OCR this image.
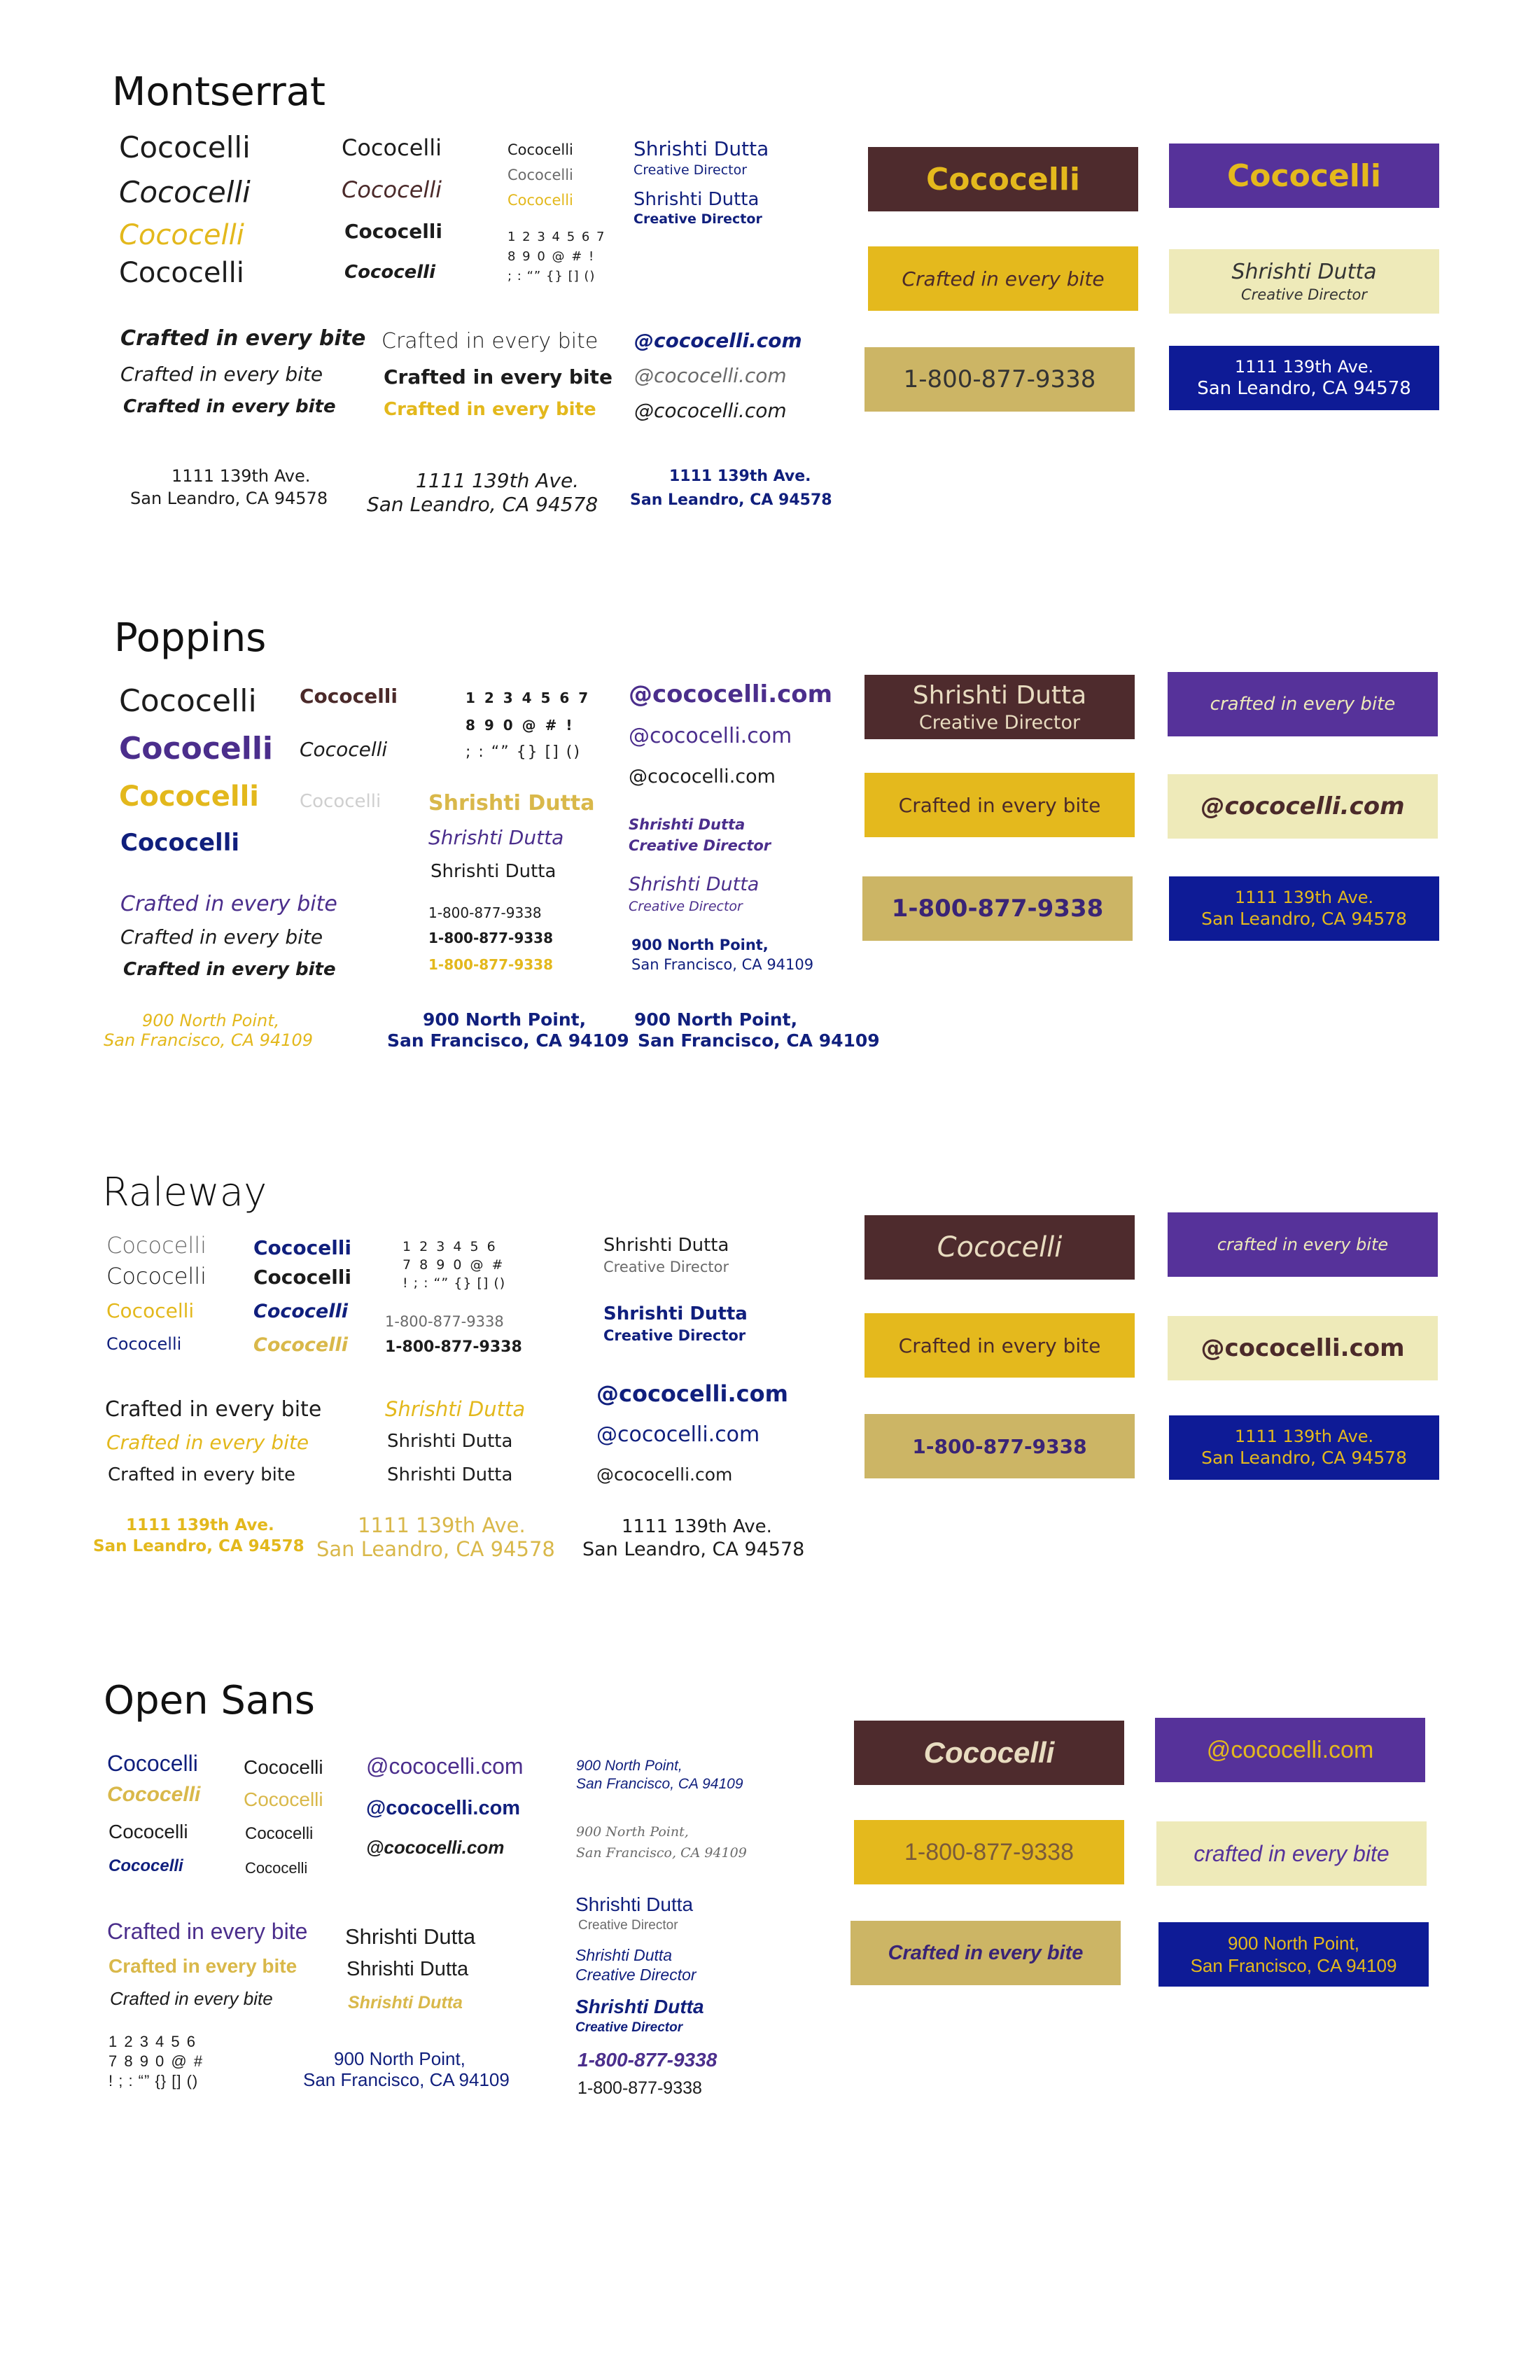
Montserrat
Cococelli
Cococelli
Cococelli
Cococelli
Cococelli
Cococelli
Cococelli
Cococelli
Cococelli
Cococelli
Cococelli
1 2 3 4 5 6 7
8 9 0 @ # !
; : “” {} [] ()
Shrishti Dutta
Creative Director
Shrishti Dutta
Creative Director
Crafted in every bite
Crafted in every bite
Crafted in every bite
Crafted in every bite
Crafted in every bite
Crafted in every bite
@cococelli.com
@cococelli.com
@cococelli.com
1111 139th Ave.
San Leandro, CA 94578
1111 139th Ave.
San Leandro, CA 94578
1111 139th Ave.
San Leandro, CA 94578
Cococelli	Cococelli
Crafted in every bite	Shrishti Dutta
Creative Director
1-800-877-9338	1111 139th Ave.
San Leandro, CA 94578
Poppins
Cococelli
Cococelli
Cococelli
Cococelli
Cococelli
Cococelli
Cococelli
1 2 3 4 5 6 7
8 9 0 @ # !
; : “” {} [] ()
Shrishti Dutta
Shrishti Dutta
Shrishti Dutta
Crafted in every bite
Crafted in every bite
Crafted in every bite
1-800-877-9338
1-800-877-9338
1-800-877-9338
@cococelli.com
@cococelli.com
@cococelli.com
Shrishti Dutta
Creative Director
Shrishti Dutta
Creative Director
900 North Point,
San Francisco, CA 94109
900 North Point,
San Francisco, CA 94109
900 North Point,
San Francisco, CA 94109
900 North Point,
San Francisco, CA 94109
Shrishti Dutta
Creative Director
crafted in every bite
Crafted in every bite	@cococelli.com
1-800-877-9338	1111 139th Ave.
San Leandro, CA 94578
Raleway
Cococelli
Cococelli
Cococelli
Cococelli
Cococelli
Cococelli
Cococelli
Cococelli
1 2 3 4 5 6
7 8 9 0 @ #
! ; : “” {} [] ()
1-800-877-9338
1-800-877-9338
Shrishti Dutta
Creative Director
Shrishti Dutta
Creative Director
Crafted in every bite
Crafted in every bite
Crafted in every bite
Shrishti Dutta
Shrishti Dutta
Shrishti Dutta
@cococelli.com
@cococelli.com
@cococelli.com
1111 139th Ave.
San Leandro, CA 94578
1111 139th Ave.
San Leandro, CA 94578
1111 139th Ave.
San Leandro, CA 94578
Cococelli	crafted in every bite
Crafted in every bite	@cococelli.com
1-800-877-9338	1111 139th Ave.
San Leandro, CA 94578
Open Sans
Cococelli
Cococelli
Cococelli
Cococelli
Cococelli
Cococelli
Cococelli
Cococelli
@cococelli.com
@cococelli.com
@cococelli.com
900 North Point,
San Francisco, CA 94109
900 North Point,
San Francisco, CA 94109
Shrishti Dutta
Creative Director
Shrishti Dutta
Creative Director
Shrishti Dutta
Creative Director
1-800-877-9338
1-800-877-9338
Crafted in every bite
Crafted in every bite
Crafted in every bite
Shrishti Dutta
Shrishti Dutta
Shrishti Dutta
1 2 3 4 5 6
7 8 9 0 @ #
! ; : “” {} [] ()
900 North Point,
San Francisco, CA 94109
Cococelli	@cococelli.com
1-800-877-9338	crafted in every bite
Crafted in every bite	900 North Point,
San Francisco, CA 94109
